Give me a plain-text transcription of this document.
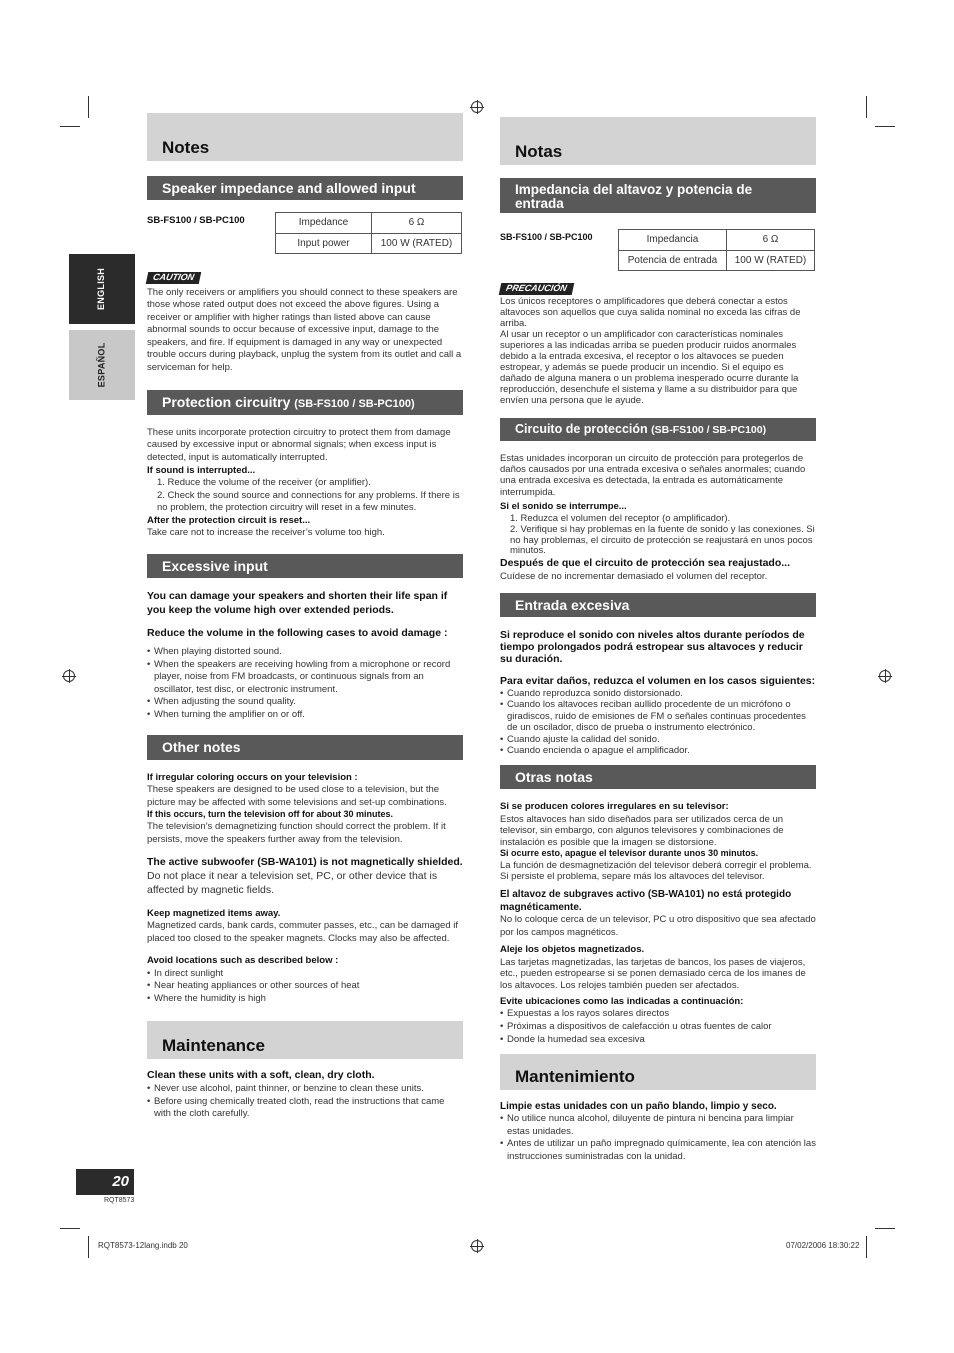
ENGLISH
ESPAÑOL
20
RQT8573
RQT8573-12lang.indb 20	07/02/2006 18:30:22
Notes
Speaker impedance and allowed input
SB-FS100 / SB-PC100	Impedance	6 Ω
Input power	100 W (RATED)
CAUTION

The only receivers or amplifiers you should connect to these speakers are those whose rated output does not exceed the above figures. Using a receiver or amplifier with higher ratings than listed above can cause abnormal sounds to occur because of excessive input, damage to the speakers, and fire. If equipment is damaged in any way or unexpected trouble occurs during playback, unplug the system from its outlet and call a serviceman for help.

Protection circuitry (SB-FS100 / SB-PC100)

These units incorporate protection circuitry to protect them from damage caused by excessive input or abnormal signals; when excess input is detected, input is automatically interrupted.

If sound is interrupted...

1. Reduce the volume of the receiver (or amplifier).
2. Check the sound source and connections for any problems. If there is no problem, the protection circuitry will reset in a few minutes.

After the protection circuit is reset...

Take care not to increase the receiver’s volume too high.

Excessive input

You can damage your speakers and shorten their life span if you keep the volume high over extended periods.

Reduce the volume in the following cases to avoid damage :

• When playing distorted sound.
• When the speakers are receiving howling from a microphone or record player, noise from FM broadcasts, or continuous signals from an oscillator, test disc, or electronic instrument.
• When adjusting the sound quality.
• When turning the amplifier on or off.
Other notes

If irregular coloring occurs on your television :

These speakers are designed to be used close to a television, but the picture may be affected with some televisions and set-up combinations.

If this occurs, turn the television off for about 30 minutes.

The television’s demagnetizing function should correct the problem. If it persists, move the speakers further away from the television.

The active subwoofer (SB-WA101) is not magnetically shielded.

Do not place it near a television set, PC, or other device that is affected by magnetic fields.

Keep magnetized items away.

Magnetized cards, bank cards, commuter passes, etc., can be damaged if placed too closed to the speaker magnets. Clocks may also be affected.

Avoid locations such as described below :

• In direct sunlight
• Near heating appliances or other sources of heat
• Where the humidity is high
Maintenance

Clean these units with a soft, clean, dry cloth.

• Never use alcohol, paint thinner, or benzine to clean these units.
• Before using chemically treated cloth, read the instructions that came with the cloth carefully.
Notas
Impedancia del altavoz y potencia de entrada
SB-FS100 / SB-PC100	Impedancia	6 Ω
Potencia de entrada	100 W (RATED)
PRECAUCIÓN

Los únicos receptores o amplificadores que deberá conectar a estos altavoces son aquellos que cuya salida nominal no exceda las cifras de arriba.

Al usar un receptor o un amplificador con características nominales superiores a las indicadas arriba se pueden producir ruidos anormales debido a la entrada excesiva, el receptor o los altavoces se pueden estropear, y además se puede producir un incendio. Si el equipo es dañado de alguna manera o un problema inesperado ocurre durante la reproducción, desenchufe el sistema y llame a su distribuidor para que envíen una persona que le ayude.

Circuito de protección (SB-FS100 / SB-PC100)

Estas unidades incorporan un circuito de protección para protegerlos de daños causados por una entrada excesiva o señales anormales; cuando una entrada excesiva es detectada, la entrada es automáticamente interrumpida.

Si el sonido se interrumpe...

1. Reduzca el volumen del receptor (o amplificador).
2. Verifique si hay problemas en la fuente de sonido y las conexiones. Si no hay problemas, el circuito de protección se reajustará en unos pocos minutos.

Después de que el circuito de protección sea reajustado...

Cuídese de no incrementar demasiado el volumen del receptor.

Entrada excesiva

Si reproduce el sonido con niveles altos durante períodos de tiempo prolongados podrá estropear sus altavoces y reducir su duración.

Para evitar daños, reduzca el volumen en los casos siguientes:

• Cuando reproduzca sonido distorsionado.
• Cuando los altavoces reciban aullido procedente de un micrófono o giradiscos, ruido de emisiones de FM o señales continuas procedentes de un oscilador, disco de prueba o instrumento electrónico.
• Cuando ajuste la calidad del sonido.
• Cuando encienda o apague el amplificador.
Otras notas

Si se producen colores irregulares en su televisor:

Estos altavoces han sido diseñados para ser utilizados cerca de un televisor, sin embargo, con algunos televisores y combinaciones de instalación es posible que la imagen se distorsione.

Si ocurre esto, apague el televisor durante unos 30 minutos.

La función de desmagnetización del televisor deberá corregir el problema. Si persiste el problema, separe más los altavoces del televisor.

El altavoz de subgraves activo (SB-WA101) no está protegido magnéticamente.

No lo coloque cerca de un televisor, PC u otro dispositivo que sea afectado por los campos magnéticos.

Aleje los objetos magnetizados.

Las tarjetas magnetizadas, las tarjetas de bancos, los pases de viajeros, etc., pueden estropearse si se ponen demasiado cerca de los imanes de los altavoces. Los relojes también pueden ser afectados.

Evite ubicaciones como las indicadas a continuación:

• Expuestas a los rayos solares directos
• Próximas a dispositivos de calefacción u otras fuentes de calor
• Donde la humedad sea excesiva
Mantenimiento

Limpie estas unidades con un paño blando, limpio y seco.

• No utilice nunca alcohol, diluyente de pintura ni bencina para limpiar estas unidades.
• Antes de utilizar un paño impregnado químicamente, lea con atención las instrucciones suministradas con la unidad.
